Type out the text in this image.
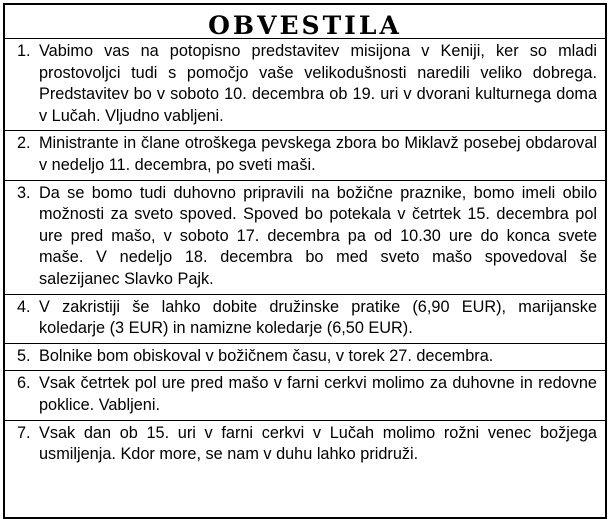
OBVESTILA
1. Vabimo vas na potopisno predstavitev misijona v Keniji, ker so mladi prostovoljci tudi s pomočjo vaše velikodušnosti naredili veliko dobrega. Predstavitev bo v soboto 10. decembra ob 19. uri v dvorani kulturnega doma v Lučah. Vljudno vabljeni.
2. Ministrante in člane otroškega pevskega zbora bo Miklavž posebej obdaroval v nedeljo 11. decembra, po sveti maši.
3. Da se bomo tudi duhovno pripravili na božične praznike, bomo imeli obilo možnosti za sveto spoved. Spoved bo potekala v četrtek 15. decembra pol ure pred mašo, v soboto 17. decembra pa od 10.30 ure do konca svete maše. V nedeljo 18. decembra bo med sveto mašo spovedoval še salezijanec Slavko Pajk.
4. V zakristiji še lahko dobite družinske pratike (6,90 EUR), marijanske koledarje (3 EUR) in namizne koledarje (6,50 EUR).
5. Bolnike bom obiskoval v božičnem času, v torek 27. decembra.
6. Vsak četrtek pol ure pred mašo v farni cerkvi molimo za duhovne in redovne poklice. Vabljeni.
7. Vsak dan ob 15. uri v farni cerkvi v Lučah molimo rožni venec božjega usmiljenja. Kdor more, se nam v duhu lahko pridruži.
